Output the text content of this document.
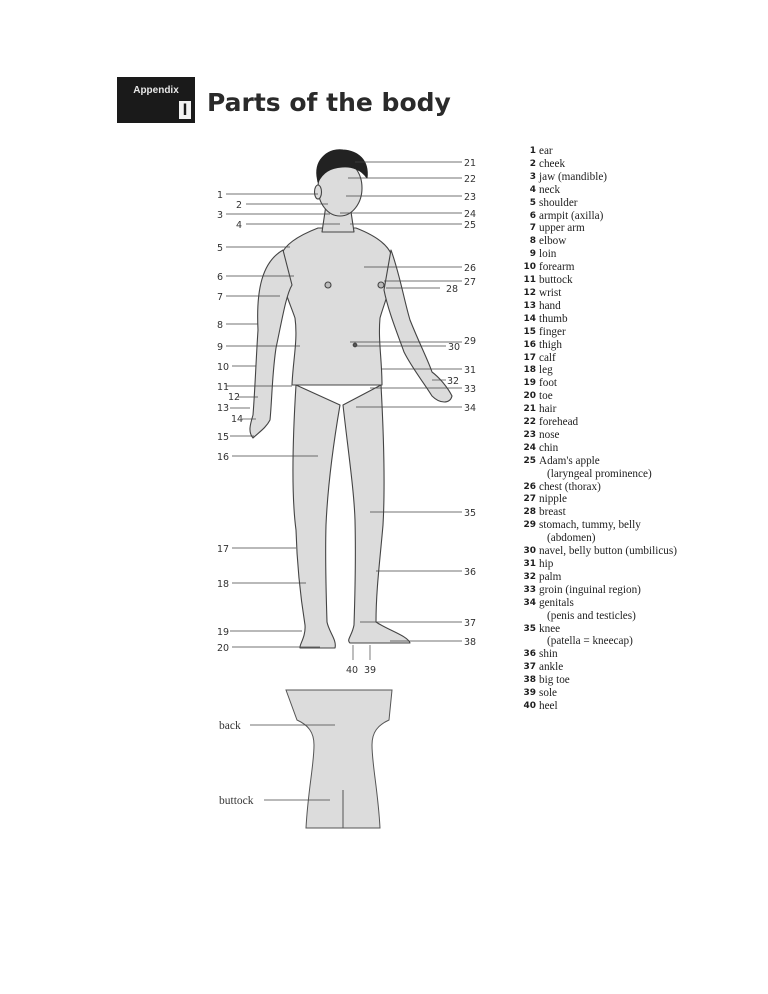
Appendix
I Parts of the body
1
2
3
4
5
6
7
8
9
10
11
12
13
14
15
16
17
18
19
20
21
22
23
24
25
26
27
28
29
30
31
32
33
34
35
36
37
38
40 39
back
buttock
1 ear
2 cheek
3 jaw (mandible)
4 neck
5 shoulder
6 armpit (axilla)
7 upper arm
8 elbow
9 loin
10 forearm
11 buttock
12 wrist
13 hand
14 thumb
15 finger
16 thigh
17 calf
18 leg
19 foot
20 toe
21 hair
22 forehead
23 nose
24 chin
25 Adam's apple
(laryngeal prominence)
26 chest (thorax)
27 nipple
28 breast
29 stomach, tummy, belly
(abdomen)
30 navel, belly button (umbilicus)
31 hip
32 palm
33 groin (inguinal region)
34 genitals
(penis and testicles)
35 knee
(patella = kneecap)
36 shin
37 ankle
38 big toe
39 sole
40 heel
